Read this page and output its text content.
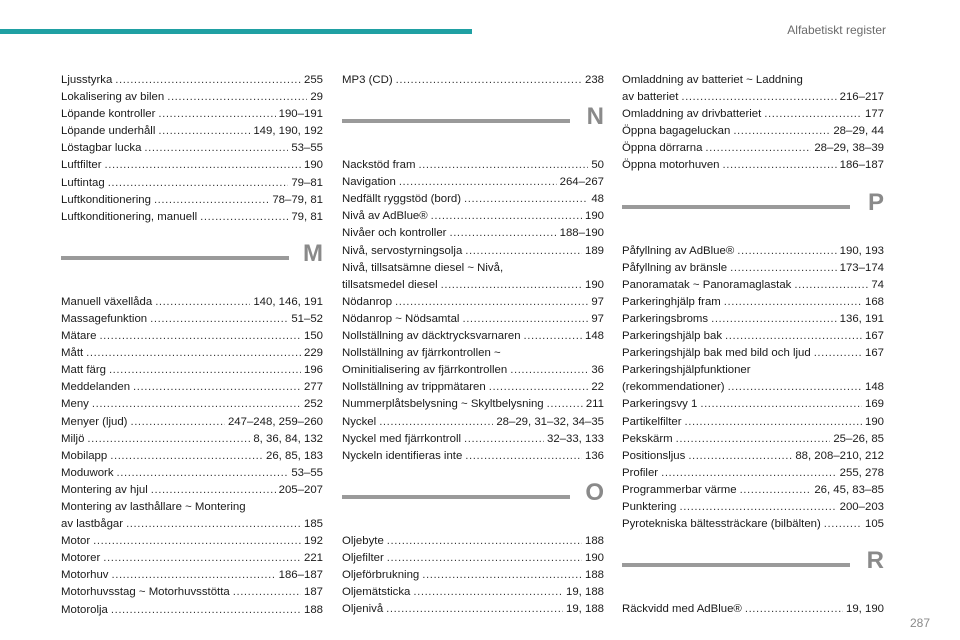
Alfabetiskt register
Ljusstyrka . . .	255
Lokalisering av bilen . . .	29
Löpande kontroller . . .	190–191
Löpande underhåll . . .	149, 190, 192
Löstagbar lucka . . .	53–55
Luftfilter . . .	190
Luftintag . . .	79–81
Luftkonditionering . . .	78–79, 81
Luftkonditionering, manuell . . .	79, 81
M
Manuell växellåda . . .	140, 146, 191
Massagefunktion . . .	51–52
Mätare . . .	150
Mått . . .	229
Matt färg . . .	196
Meddelanden . . .	277
Meny . . .	252
Menyer (ljud) . . .	247–248, 259–260
Miljö . . .	8, 36, 84, 132
Mobilapp . . .	26, 85, 183
Moduwork . . .	53–55
Montering av hjul . . .	205–207
Montering av lasthållare ~ Montering
av lastbågar . . .	185
Motor . . .	192
Motorer . . .	221
Motorhuv . . .	186–187
Motorhuvsstag ~ Motorhuvsstötta . . .	187
Motorolja . . .	188
MP3 (CD) . . .	238
N
Nackstöd fram . . .	50
Navigation . . .	264–267
Nedfällt ryggstöd (bord) . . .	48
Nivå av AdBlue® . . .	190
Nivåer och kontroller . . .	188–190
Nivå, servostyrningsolja . . .	189
Nivå, tillsatsämne diesel ~ Nivå,
tillsatsmedel diesel . . .	190
Nödanrop . . .	97
Nödanrop ~ Nödsamtal . . .	97
Nollställning av däcktrycksvarnaren . . .	148
Nollställning av fjärrkontrollen ~
Ominitialisering av fjärrkontrollen . . .	36
Nollställning av trippmätaren . . .	22
Nummerplåtsbelysning ~ Skyltbelysning . . .	211
Nyckel . . .	28–29, 31–32, 34–35
Nyckel med fjärrkontroll . . .	32–33, 133
Nyckeln identifieras inte . . .	136
O
Oljebyte . . .	188
Oljefilter . . .	190
Oljeförbrukning . . .	188
Oljemätsticka . . .	19, 188
Oljenivå . . .	19, 188
Omladdning av batteriet ~ Laddning
av batteriet . . .	216–217
Omladdning av drivbatteriet . . .	177
Öppna bagageluckan . . .	28–29, 44
Öppna dörrarna . . .	28–29, 38–39
Öppna motorhuven . . .	186–187
P
Påfyllning av AdBlue® . . .	190, 193
Påfyllning av bränsle . . .	173–174
Panoramatak ~ Panoramaglastak . . .	74
Parkeringhjälp fram . . .	168
Parkeringsbroms . . .	136, 191
Parkeringshjälp bak . . .	167
Parkeringshjälp bak med bild och ljud . . .	167
Parkeringshjälpfunktioner
(rekommendationer) . . .	148
Parkeringsvy 1 . . .	169
Partikelfilter . . .	190
Pekskärm . . .	25–26, 85
Positionsljus . . .	88, 208–210, 212
Profiler . . .	255, 278
Programmerbar värme . . .	26, 45, 83–85
Punktering . . .	200–203
Pyrotekniska bältessträckare (bilbälten) . . .	105
R
Räckvidd med AdBlue® . . .	19, 190
287
